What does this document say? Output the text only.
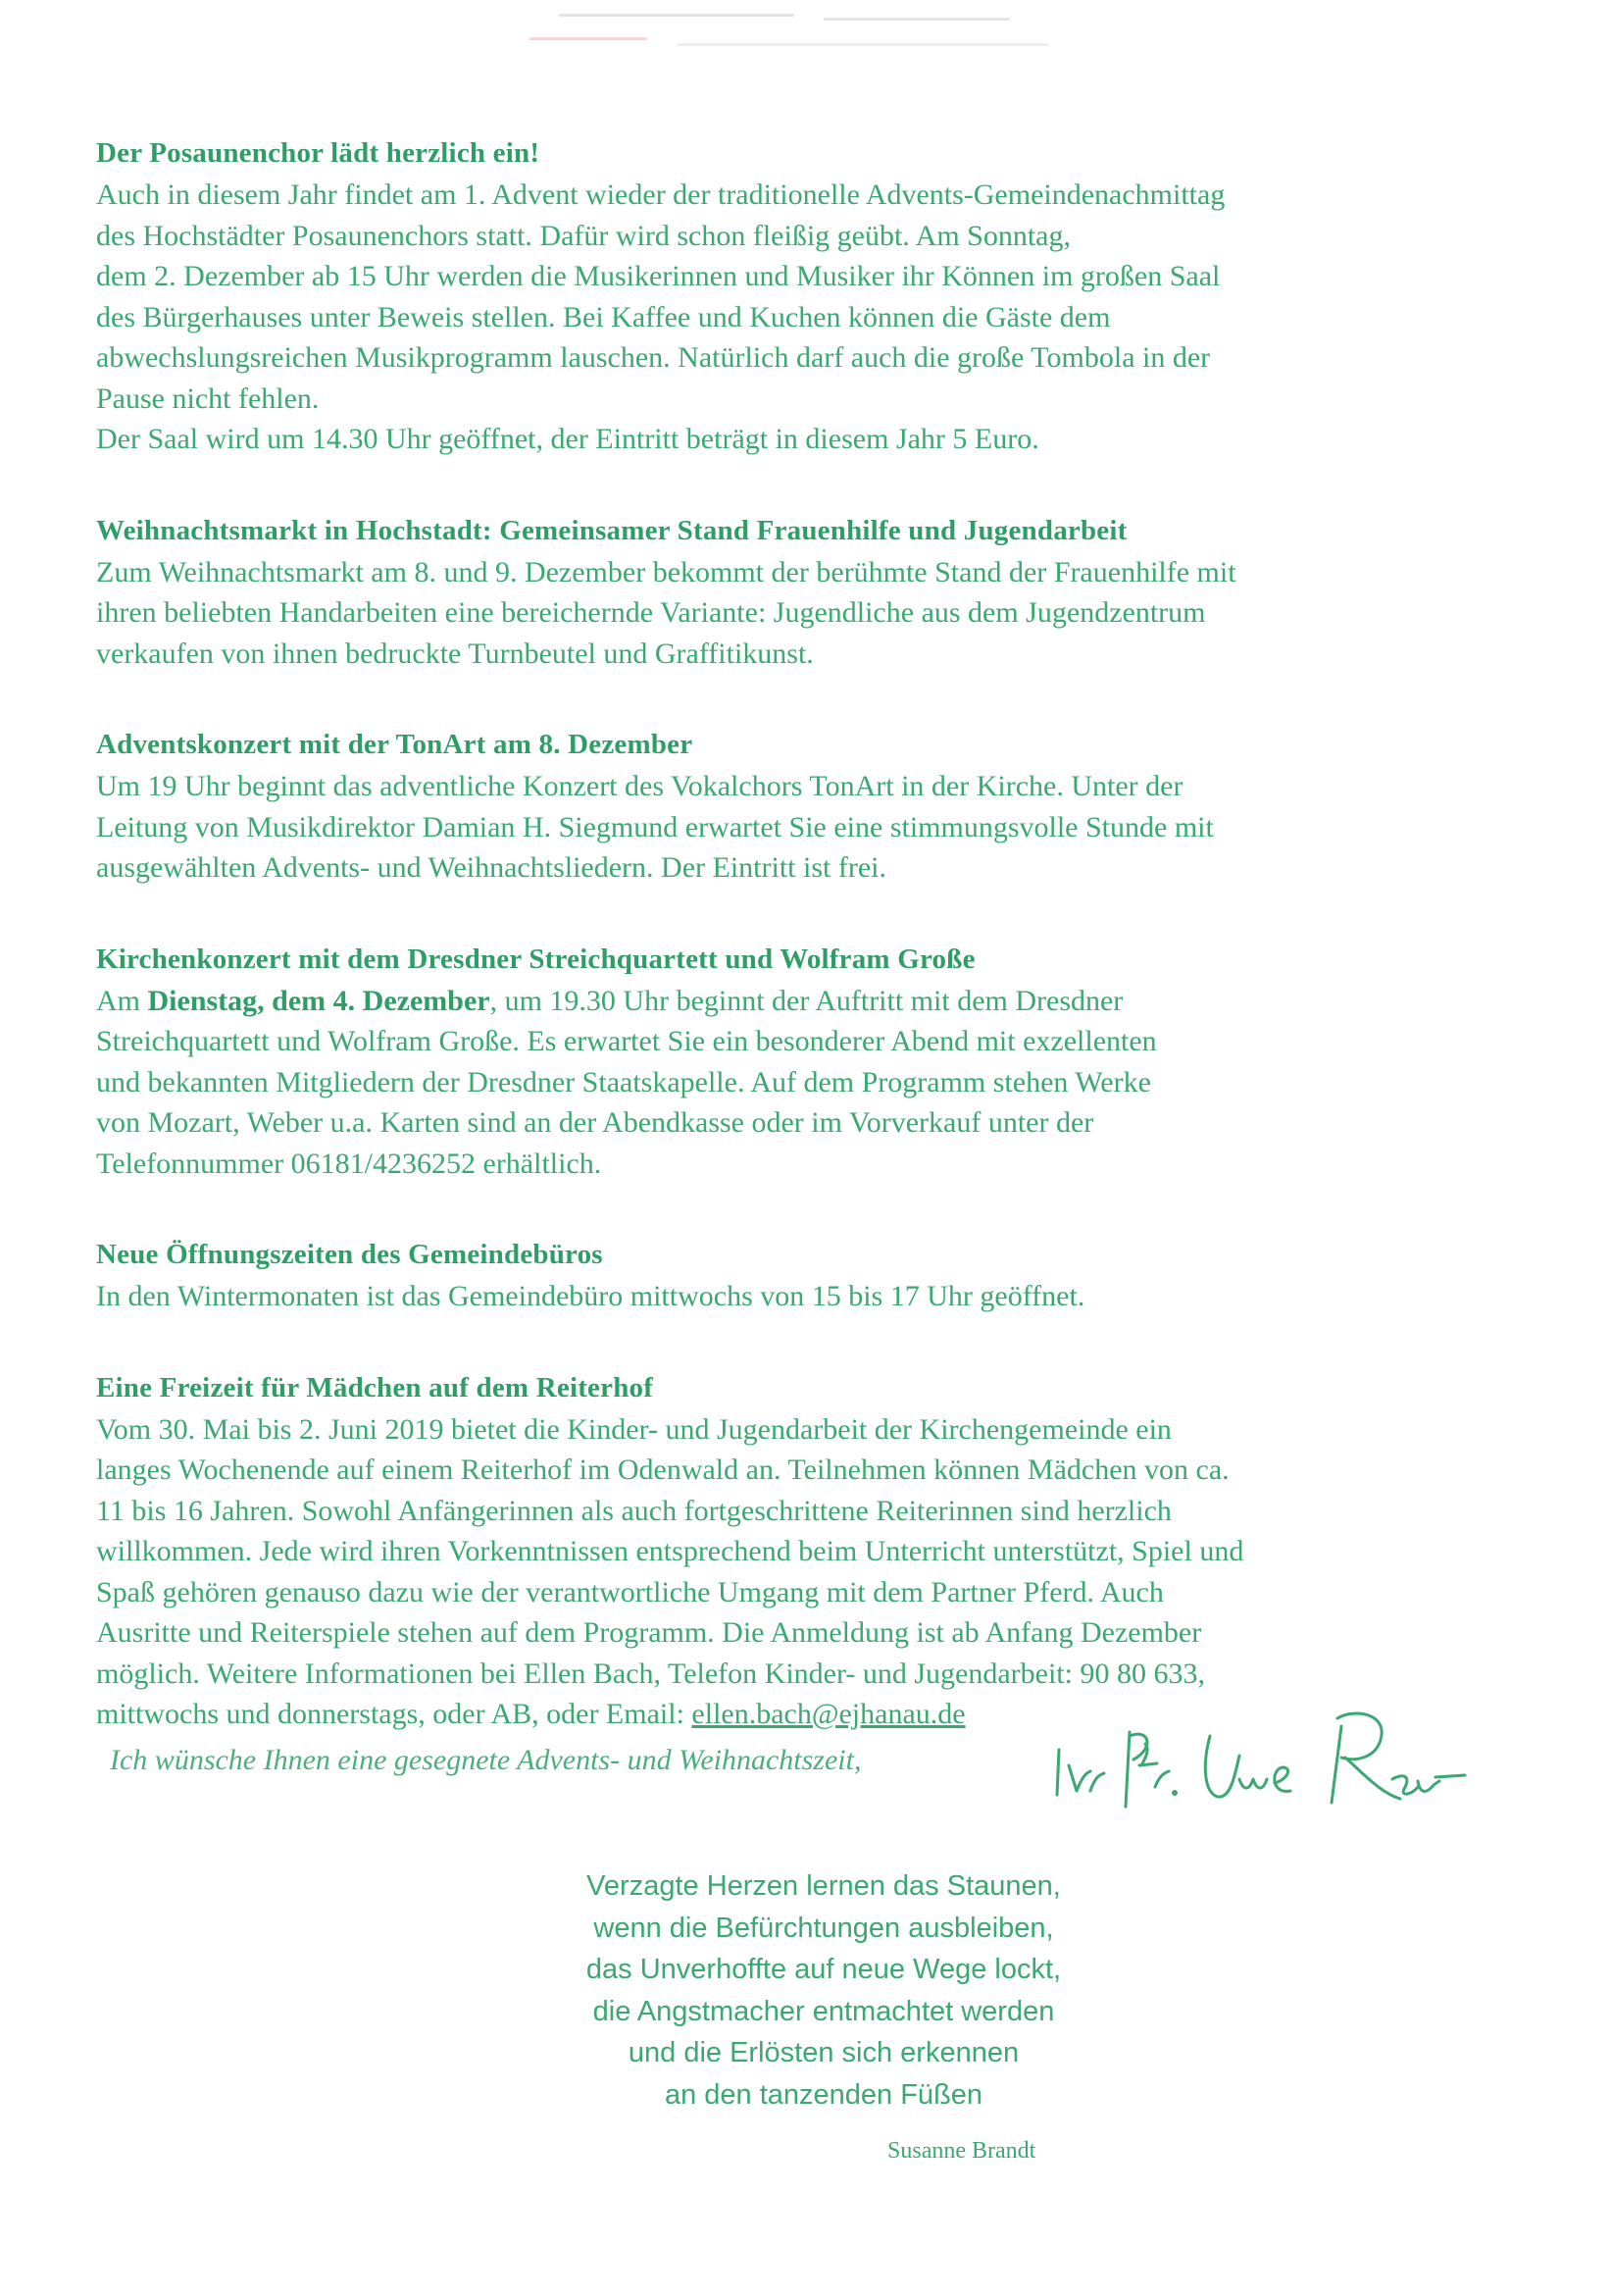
Der Posaunenchor lädt herzlich ein!

Auch in diesem Jahr findet am 1. Advent wieder der traditionelle Advents-Gemeindenachmittag
des Hochstädter Posaunenchors statt. Dafür wird schon fleißig geübt. Am Sonntag,
dem 2. Dezember ab 15 Uhr werden die Musikerinnen und Musiker ihr Können im großen Saal
des Bürgerhauses unter Beweis stellen. Bei Kaffee und Kuchen können die Gäste dem
abwechslungsreichen Musikprogramm lauschen. Natürlich darf auch die große Tombola in der
Pause nicht fehlen.
Der Saal wird um 14.30 Uhr geöffnet, der Eintritt beträgt in diesem Jahr 5 Euro.

Weihnachtsmarkt in Hochstadt: Gemeinsamer Stand Frauenhilfe und Jugendarbeit

Zum Weihnachtsmarkt am 8. und 9. Dezember bekommt der berühmte Stand der Frauenhilfe mit
ihren beliebten Handarbeiten eine bereichernde Variante: Jugendliche aus dem Jugendzentrum
verkaufen von ihnen bedruckte Turnbeutel und Graffitikunst.

Adventskonzert mit der TonArt am 8. Dezember

Um 19 Uhr beginnt das adventliche Konzert des Vokalchors TonArt in der Kirche. Unter der
Leitung von Musikdirektor Damian H. Siegmund erwartet Sie eine stimmungsvolle Stunde mit
ausgewählten Advents- und Weihnachtsliedern. Der Eintritt ist frei.

Kirchenkonzert mit dem Dresdner Streichquartett und Wolfram Große

Am Dienstag, dem 4. Dezember, um 19.30 Uhr beginnt der Auftritt mit dem Dresdner
Streichquartett und Wolfram Große. Es erwartet Sie ein besonderer Abend mit exzellenten
und bekannten Mitgliedern der Dresdner Staatskapelle. Auf dem Programm stehen Werke
von Mozart, Weber u.a. Karten sind an der Abendkasse oder im Vorverkauf unter der
Telefonnummer 06181/4236252 erhältlich.

Neue Öffnungszeiten des Gemeindebüros

In den Wintermonaten ist das Gemeindebüro mittwochs von 15 bis 17 Uhr geöffnet.

Eine Freizeit für Mädchen auf dem Reiterhof

Vom 30. Mai bis 2. Juni 2019 bietet die Kinder- und Jugendarbeit der Kirchengemeinde ein
langes Wochenende auf einem Reiterhof im Odenwald an. Teilnehmen können Mädchen von ca.
11 bis 16 Jahren. Sowohl Anfängerinnen als auch fortgeschrittene Reiterinnen sind herzlich
willkommen. Jede wird ihren Vorkenntnissen entsprechend beim Unterricht unterstützt, Spiel und
Spaß gehören genauso dazu wie der verantwortliche Umgang mit dem Partner Pferd. Auch
Ausritte und Reiterspiele stehen auf dem Programm. Die Anmeldung ist ab Anfang Dezember
möglich. Weitere Informationen bei Ellen Bach, Telefon Kinder- und Jugendarbeit: 90 80 633,
mittwochs und donnerstags, oder AB, oder Email: ellen.bach@ejhanau.de

Ich wünsche Ihnen eine gesegnete Advents- und Weihnachtszeit,
Verzagte Herzen lernen das Staunen,
wenn die Befürchtungen ausbleiben,
das Unverhoffte auf neue Wege lockt,
die Angstmacher entmachtet werden
und die Erlösten sich erkennen
an den tanzenden Füßen
Susanne Brandt
